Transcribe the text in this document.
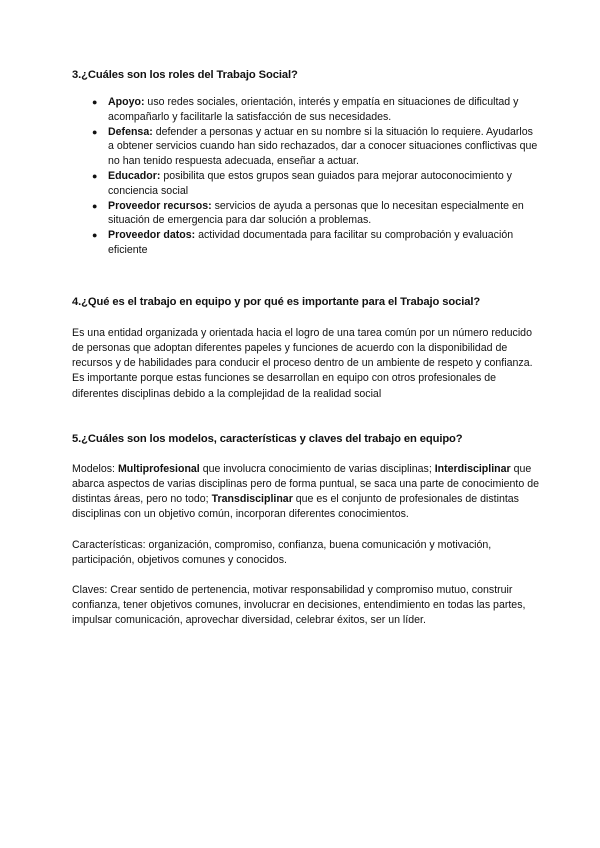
3.¿Cuáles son los roles del Trabajo Social?

● Apoyo: uso redes sociales, orientación, interés y empatía en situaciones de dificultad y acompañarlo y facilitarle la satisfacción de sus necesidades.
● Defensa: defender a personas y actuar en su nombre si la situación lo requiere. Ayudarlos a obtener servicios cuando han sido rechazados, dar a conocer situaciones conflictivas que no han tenido respuesta adecuada, enseñar a actuar.
● Educador: posibilita que estos grupos sean guiados para mejorar autoconocimiento y conciencia social
● Proveedor recursos: servicios de ayuda a personas que lo necesitan especialmente en situación de emergencia para dar solución a problemas.
● Proveedor datos: actividad documentada para facilitar su comprobación y evaluación eficiente

4.¿Qué es el trabajo en equipo y por qué es importante para el Trabajo social?

Es una entidad organizada y orientada hacia el logro de una tarea común por un número reducido de personas que adoptan diferentes papeles y funciones de acuerdo con la disponibilidad de recursos y de habilidades para conducir el proceso dentro de un ambiente de respeto y confianza. Es importante porque estas funciones se desarrollan en equipo con otros profesionales de diferentes disciplinas debido a la complejidad de la realidad social

5.¿Cuáles son los modelos, características y claves del trabajo en equipo?

Modelos: Multiprofesional que involucra conocimiento de varias disciplinas; Interdisciplinar que abarca aspectos de varias disciplinas pero de forma puntual, se saca una parte de conocimiento de distintas áreas, pero no todo; Transdisciplinar que es el conjunto de profesionales de distintas disciplinas con un objetivo común, incorporan diferentes conocimientos.

Características: organización, compromiso, confianza, buena comunicación y motivación, participación, objetivos comunes y conocidos.

Claves: Crear sentido de pertenencia, motivar responsabilidad y compromiso mutuo, construir confianza, tener objetivos comunes, involucrar en decisiones, entendimiento en todas las partes, impulsar comunicación, aprovechar diversidad, celebrar éxitos, ser un líder.
